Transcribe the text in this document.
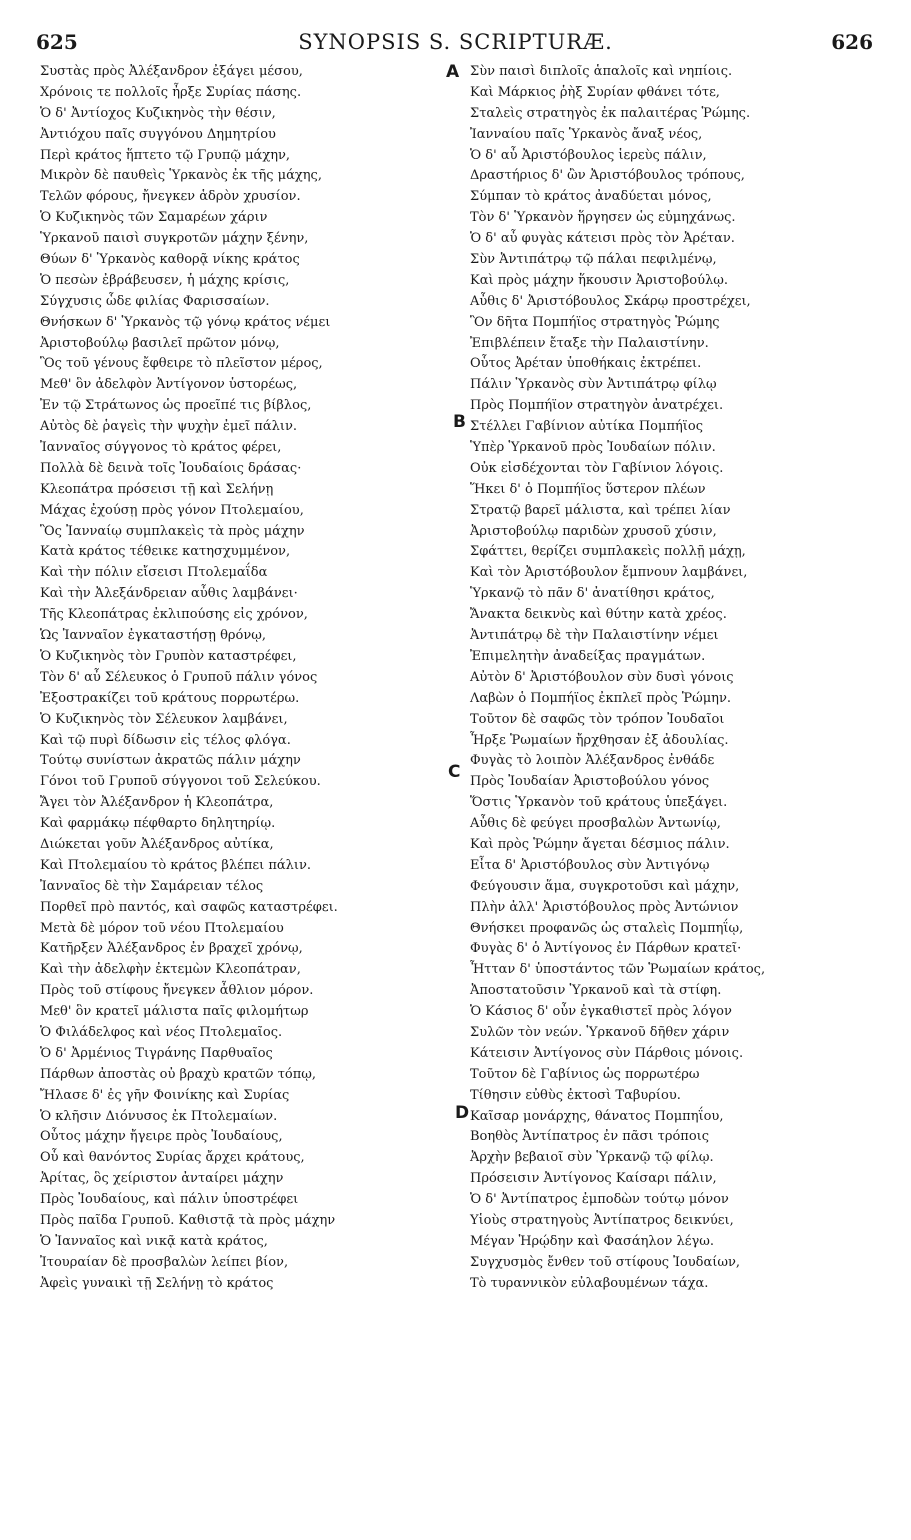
625	SYNOPSIS S. SCRIPTURÆ.	626
A
B
C
D
Συστὰς πρὸς Ἀλέξανδρον ἐξάγει μέσου,
Χρόνοις τε πολλοῖς ἦρξε Συρίας πάσης.
Ὁ δ' Ἀντίοχος Κυζικηνὸς τὴν θέσιν,
Ἀντιόχου παῖς συγγόνου Δημητρίου
Περὶ κράτος ἥπτετο τῷ Γρυπῷ μάχην,
Μικρὸν δὲ παυθεὶς Ὑρκανὸς ἐκ τῆς μάχης,
Τελῶν φόρους, ἤνεγκεν ἁδρὸν χρυσίον.
Ὁ Κυζικηνὸς τῶν Σαμαρέων χάριν
Ὑρκανοῦ παισὶ συγκροτῶν μάχην ξένην,
Θύων δ' Ὑρκανὸς καθορᾷ νίκης κράτος
Ὁ πεσὼν ἐβράβευσεν, ἡ μάχης κρίσις,
Σύγχυσις ὧδε φιλίας Φαρισσαίων.
Θνήσκων δ' Ὑρκανὸς τῷ γόνῳ κράτος νέμει
Ἀριστοβούλῳ βασιλεῖ πρῶτον μόνῳ,
Ὃς τοῦ γένους ἔφθειρε τὸ πλεῖστον μέρος,
Μεθ' ὃν ἀδελφὸν Ἀντίγονον ὑστορέως,
Ἐν τῷ Στράτωνος ὡς προεῖπέ τις βίβλος,
Αὐτὸς δὲ ῥαγεὶς τὴν ψυχὴν ἐμεῖ πάλιν.
Ἰανναῖος σύγγονος τὸ κράτος φέρει,
Πολλὰ δὲ δεινὰ τοῖς Ἰουδαίοις δράσας·
Κλεοπάτρα πρόσεισι τῇ καὶ Σελήνῃ
Μάχας ἐχούσῃ πρὸς γόνον Πτολεμαίου,
Ὃς Ἰανναίῳ συμπλακεὶς τὰ πρὸς μάχην
Κατὰ κράτος τέθεικε κατησχυμμένον,
Καὶ τὴν πόλιν εἴσεισι Πτολεμαΐδα
Καὶ τὴν Ἀλεξάνδρειαν αὖθις λαμβάνει·
Τῆς Κλεοπάτρας ἐκλιπούσης εἰς χρόνον,
Ὡς Ἰανναῖον ἐγκαταστήσῃ θρόνῳ,
Ὁ Κυζικηνὸς τὸν Γρυπὸν καταστρέφει,
Τὸν δ' αὖ Σέλευκος ὁ Γρυποῦ πάλιν γόνος
Ἐξοστρακίζει τοῦ κράτους πορρωτέρω.
Ὁ Κυζικηνὸς τὸν Σέλευκον λαμβάνει,
Καὶ τῷ πυρὶ δίδωσιν εἰς τέλος φλόγα.
Τούτῳ συνίστων ἀκρατῶς πάλιν μάχην
Γόνοι τοῦ Γρυποῦ σύγγονοι τοῦ Σελεύκου.
Ἄγει τὸν Ἀλέξανδρον ἡ Κλεοπάτρα,
Καὶ φαρμάκῳ πέφθαρτο δηλητηρίῳ.
Διώκεται γοῦν Ἀλέξανδρος αὐτίκα,
Καὶ Πτολεμαίου τὸ κράτος βλέπει πάλιν.
Ἰανναῖος δὲ τὴν Σαμάρειαν τέλος
Πορθεῖ πρὸ παντός, καὶ σαφῶς καταστρέφει.
Μετὰ δὲ μόρον τοῦ νέου Πτολεμαίου
Κατῆρξεν Ἀλέξανδρος ἐν βραχεῖ χρόνῳ,
Καὶ τὴν ἀδελφὴν ἐκτεμὼν Κλεοπάτραν,
Πρὸς τοῦ στίφους ἤνεγκεν ἆθλιον μόρον.
Μεθ' ὃν κρατεῖ μάλιστα παῖς φιλομήτωρ
Ὁ Φιλάδελφος καὶ νέος Πτολεμαῖος.
Ὁ δ' Ἀρμένιος Τιγράνης Παρθυαῖος
Πάρθων ἀποστὰς οὐ βραχὺ κρατῶν τόπῳ,
Ἤλασε δ' ἐς γῆν Φοινίκης καὶ Συρίας
Ὁ κλῆσιν Διόνυσος ἐκ Πτολεμαίων.
Οὗτος μάχην ἤγειρε πρὸς Ἰουδαίους,
Οὗ καὶ θανόντος Συρίας ἄρχει κράτους,
Ἀρίτας, ὃς χείριστον ἀνταίρει μάχην
Πρὸς Ἰουδαίους, καὶ πάλιν ὑποστρέφει
Πρὸς παῖδα Γρυποῦ. Καθιστᾷ τὰ πρὸς μάχην
Ὁ Ἰανναῖος καὶ νικᾷ κατὰ κράτος,
Ἰτουραίαν δὲ προσβαλὼν λείπει βίον,
Ἀφεὶς γυναικὶ τῇ Σελήνῃ τὸ κράτος
Σὺν παισὶ διπλοῖς ἁπαλοῖς καὶ νηπίοις.
Καὶ Μάρκιος ῥὴξ Συρίαν φθάνει τότε,
Σταλεὶς στρατηγὸς ἐκ παλαιτέρας Ῥώμης.
Ἰανναίου παῖς Ὑρκανὸς ἄναξ νέος,
Ὁ δ' αὖ Ἀριστόβουλος ἱερεὺς πάλιν,
Δραστήριος δ' ὢν Ἀριστόβουλος τρόπους,
Σύμπαν τὸ κράτος ἀναδύεται μόνος,
Τὸν δ' Ὑρκανὸν ἥργησεν ὡς εὐμηχάνως.
Ὁ δ' αὖ φυγὰς κάτεισι πρὸς τὸν Ἀρέταν.
Σὺν Ἀντιπάτρῳ τῷ πάλαι πεφιλμένῳ,
Καὶ πρὸς μάχην ἥκουσιν Ἀριστοβούλῳ.
Αὖθις δ' Ἀριστόβουλος Σκάρῳ προστρέχει,
Ὃν δῆτα Πομπήϊος στρατηγὸς Ῥώμης
Ἐπιβλέπειν ἔταξε τὴν Παλαιστίνην.
Οὗτος Ἀρέταν ὑποθήκαις ἐκτρέπει.
Πάλιν Ὑρκανὸς σὺν Ἀντιπάτρῳ φίλῳ
Πρὸς Πομπήϊον στρατηγὸν ἀνατρέχει.
Στέλλει Γαβίνιον αὐτίκα Πομπήϊος
Ὑπὲρ Ὑρκανοῦ πρὸς Ἰουδαίων πόλιν.
Οὐκ εἰσδέχονται τὸν Γαβίνιον λόγοις.
Ἥκει δ' ὁ Πομπήϊος ὕστερον πλέων
Στρατῷ βαρεῖ μάλιστα, καὶ τρέπει λίαν
Ἀριστοβούλῳ παριδὼν χρυσοῦ χύσιν,
Σφάττει, θερίζει συμπλακεὶς πολλῇ μάχῃ,
Καὶ τὸν Ἀριστόβουλον ἔμπνουν λαμβάνει,
Ὑρκανῷ τὸ πᾶν δ' ἀνατίθησι κράτος,
Ἄνακτα δεικνὺς καὶ θύτην κατὰ χρέος.
Ἀντιπάτρῳ δὲ τὴν Παλαιστίνην νέμει
Ἐπιμελητὴν ἀναδείξας πραγμάτων.
Αὐτὸν δ' Ἀριστόβουλον σὺν δυσὶ γόνοις
Λαβὼν ὁ Πομπήϊος ἐκπλεῖ πρὸς Ῥώμην.
Τοῦτον δὲ σαφῶς τὸν τρόπον Ἰουδαῖοι
Ἦρξε Ῥωμαίων ἤρχθησαν ἐξ ἀδουλίας.
Φυγὰς τὸ λοιπὸν Ἀλέξανδρος ἐνθάδε
Πρὸς Ἰουδαίαν Ἀριστοβούλου γόνος
Ὅστις Ὑρκανὸν τοῦ κράτους ὑπεξάγει.
Αὖθις δὲ φεύγει προσβαλὼν Ἀντωνίῳ,
Καὶ πρὸς Ῥώμην ἄγεται δέσμιος πάλιν.
Εἶτα δ' Ἀριστόβουλος σὺν Ἀντιγόνῳ
Φεύγουσιν ἅμα, συγκροτοῦσι καὶ μάχην,
Πλὴν ἀλλ' Ἀριστόβουλος πρὸς Ἀντώνιον
Θνήσκει προφανῶς ὡς σταλεὶς Πομπηΐῳ,
Φυγὰς δ' ὁ Ἀντίγονος ἐν Πάρθων κρατεῖ·
Ἦτταν δ' ὑποστάντος τῶν Ῥωμαίων κράτος,
Ἀποστατοῦσιν Ὑρκανοῦ καὶ τὰ στίφη.
Ὁ Κάσιος δ' οὖν ἐγκαθιστεῖ πρὸς λόγον
Συλῶν τὸν νεών. Ὑρκανοῦ δῆθεν χάριν
Κάτεισιν Ἀντίγονος σὺν Πάρθοις μόνοις.
Τοῦτον δὲ Γαβίνιος ὡς πορρωτέρω
Τίθησιν εὐθὺς ἐκτοσὶ Ταβυρίου.
Καῖσαρ μονάρχης, θάνατος Πομπηΐου,
Βοηθὸς Ἀντίπατρος ἐν πᾶσι τρόποις
Ἀρχὴν βεβαιοῖ σὺν Ὑρκανῷ τῷ φίλῳ.
Πρόσεισιν Ἀντίγονος Καίσαρι πάλιν,
Ὁ δ' Ἀντίπατρος ἐμποδὼν τούτῳ μόνον
Υἱοὺς στρατηγοὺς Ἀντίπατρος δεικνύει,
Μέγαν Ἡρῴδην καὶ Φασάηλον λέγω.
Συγχυσμὸς ἔνθεν τοῦ στίφους Ἰουδαίων,
Τὸ τυραννικὸν εὐλαβουμένων τάχα.
